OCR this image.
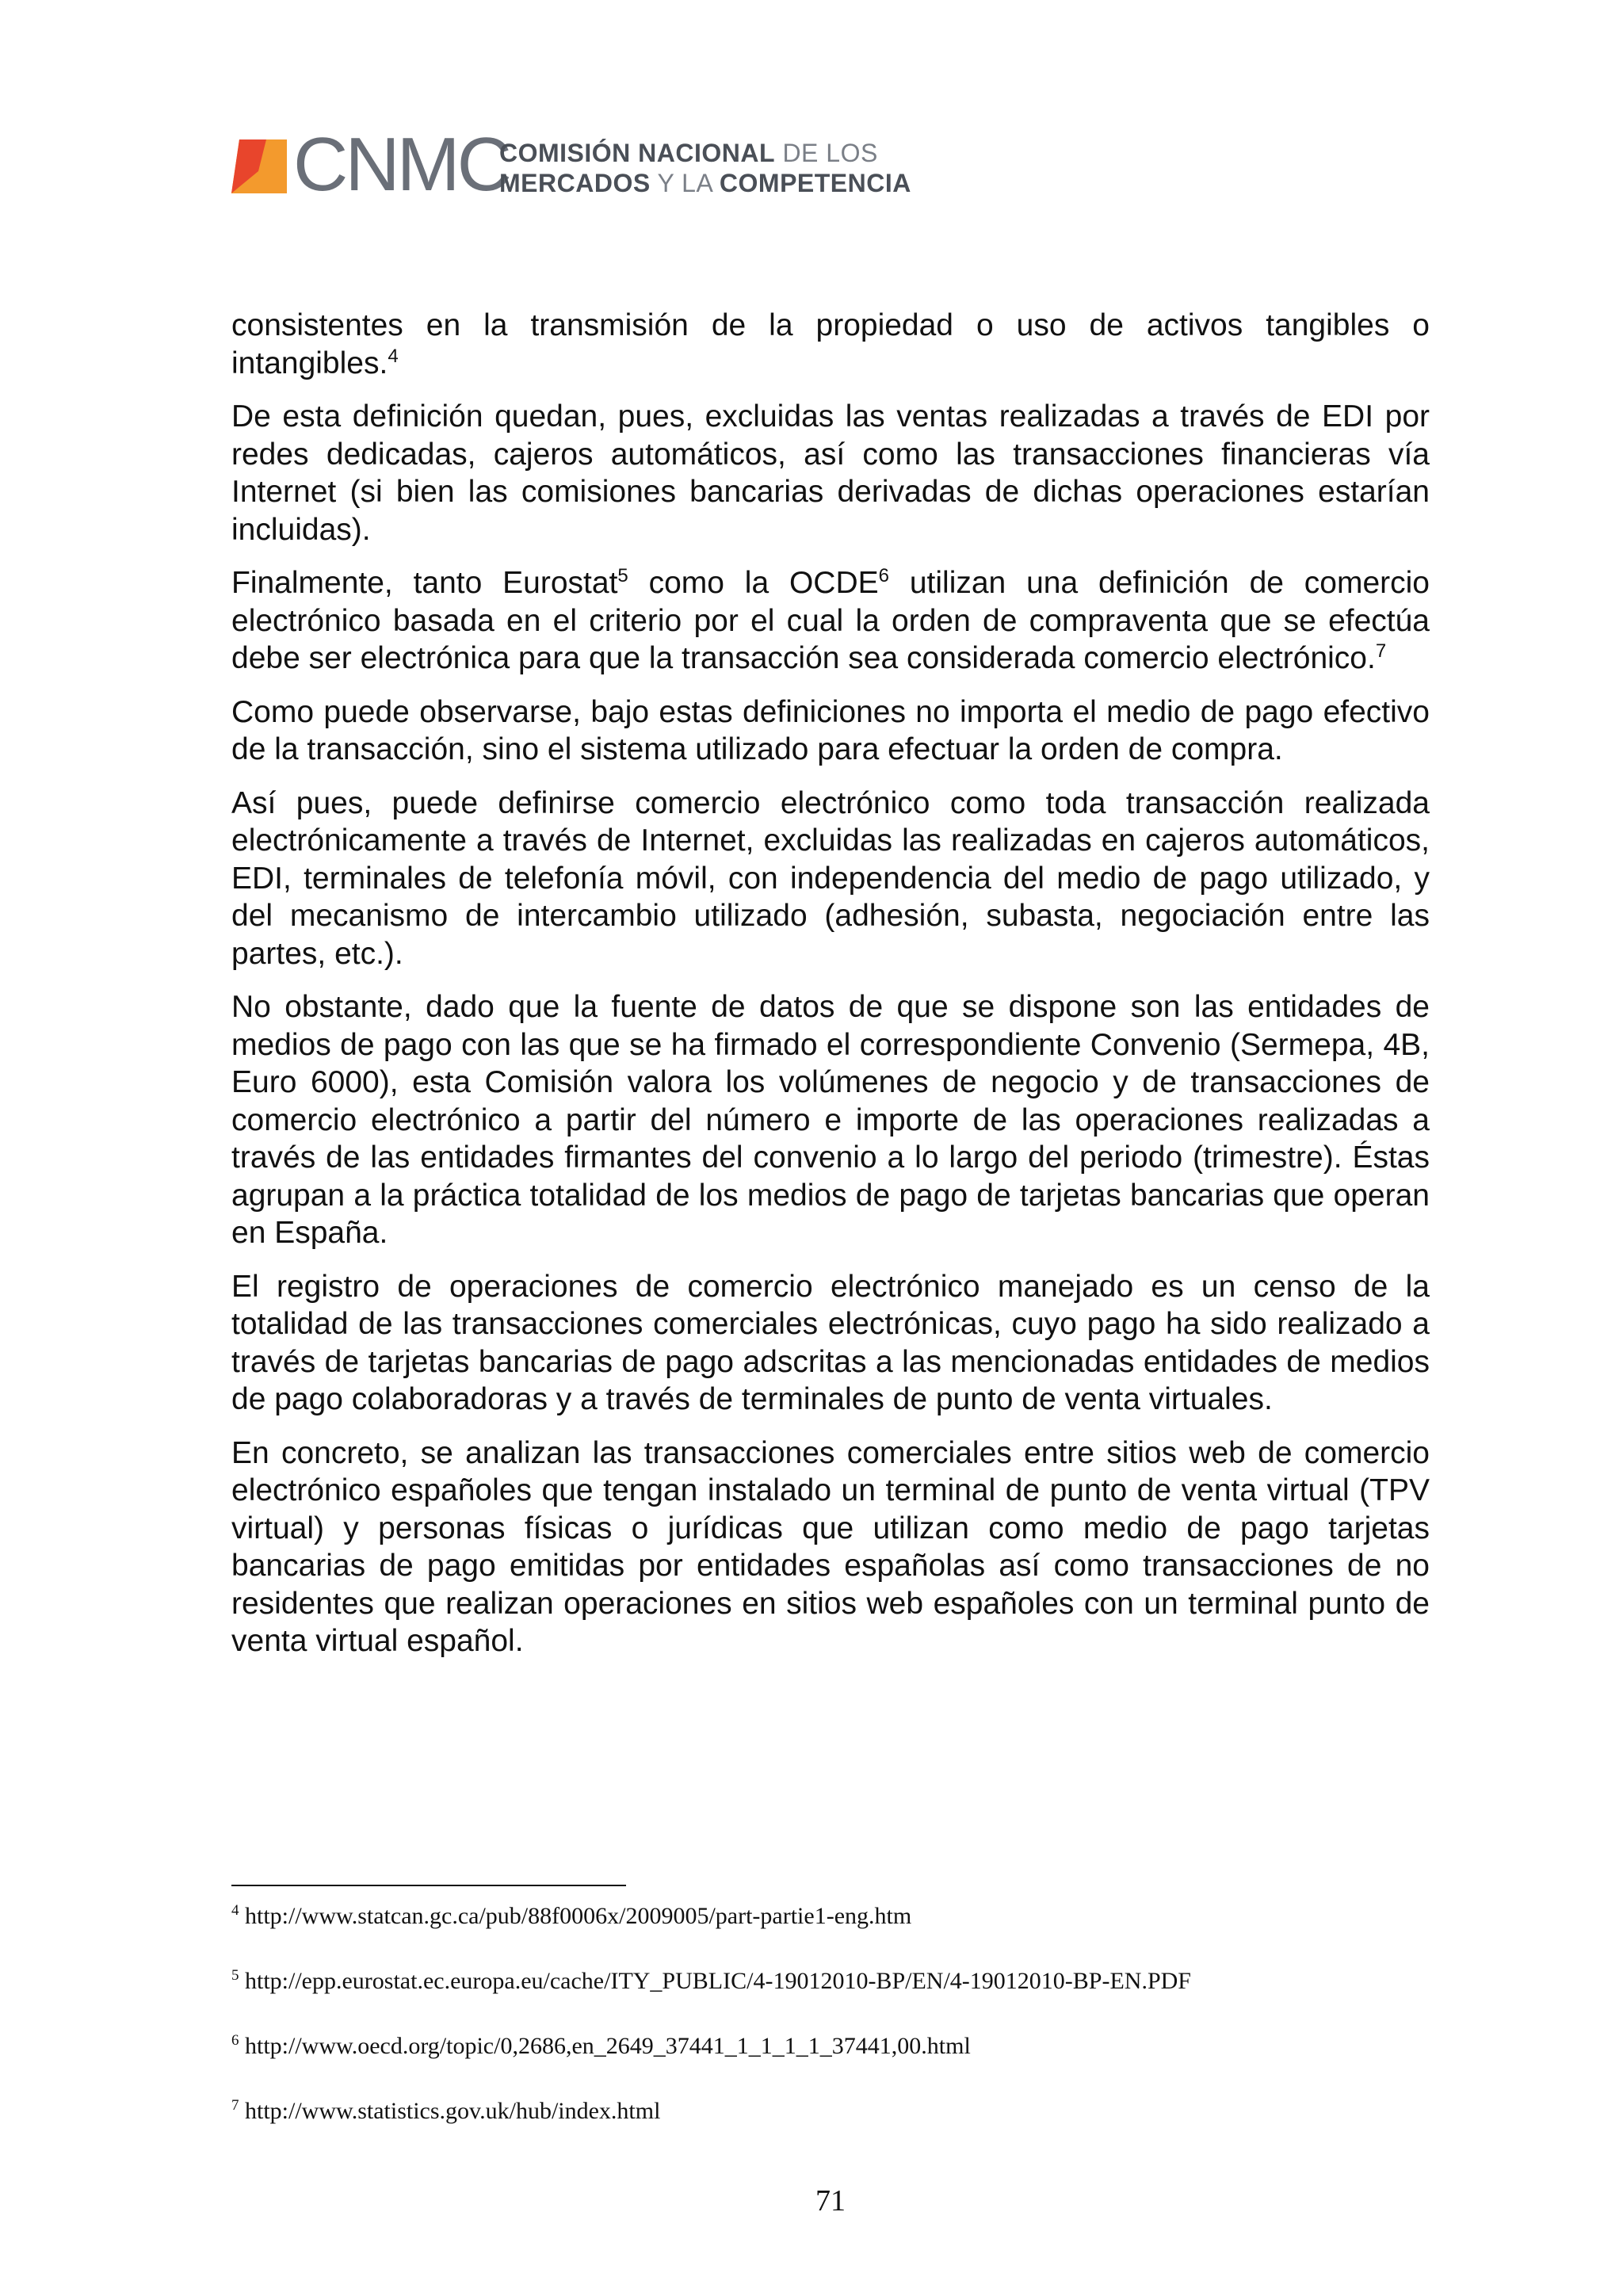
CNMC
COMISIÓN NACIONAL DE LOS
MERCADOS Y LA COMPETENCIA

consistentes en la transmisión de la propiedad o uso de activos tangibles o intangibles.$^4$

De esta definición quedan, pues, excluidas las ventas realizadas a través de EDI por redes dedicadas, cajeros automáticos, así como las transacciones financieras vía Internet (si bien las comisiones bancarias derivadas de dichas operaciones estarían incluidas).

Finalmente, tanto Eurostat$^5$ como la OCDE$^6$ utilizan una definición de comercio electrónico basada en el criterio por el cual la orden de compraventa que se efectúa debe ser electrónica para que la transacción sea considerada comercio electrónico.$^7$

Como puede observarse, bajo estas definiciones no importa el medio de pago efectivo de la transacción, sino el sistema utilizado para efectuar la orden de compra.

Así pues, puede definirse comercio electrónico como toda transacción realizada electrónicamente a través de Internet, excluidas las realizadas en cajeros automáticos, EDI, terminales de telefonía móvil, con independencia del medio de pago utilizado, y del mecanismo de intercambio utilizado (adhesión, subasta, negociación entre las partes, etc.).

No obstante, dado que la fuente de datos de que se dispone son las entidades de medios de pago con las que se ha firmado el correspondiente Convenio (Sermepa, 4B, Euro 6000), esta Comisión valora los volúmenes de negocio y de transacciones de comercio electrónico a partir del número e importe de las operaciones realizadas a través de las entidades firmantes del convenio a lo largo del periodo (trimestre). Éstas agrupan a la práctica totalidad de los medios de pago de tarjetas bancarias que operan en España.

El registro de operaciones de comercio electrónico manejado es un censo de la totalidad de las transacciones comerciales electrónicas, cuyo pago ha sido realizado a través de tarjetas bancarias de pago adscritas a las mencionadas entidades de medios de pago colaboradoras y a través de terminales de punto de venta virtuales.

En concreto, se analizan las transacciones comerciales entre sitios web de comercio electrónico españoles que tengan instalado un terminal de punto de venta virtual (TPV virtual) y personas físicas o jurídicas que utilizan como medio de pago tarjetas bancarias de pago emitidas por entidades españolas así como transacciones de no residentes que realizan operaciones en sitios web españoles con un terminal punto de venta virtual español.

$^4$ http://www.statcan.gc.ca/pub/88f0006x/2009005/part-partie1-eng.htm
$^5$ http://epp.eurostat.ec.europa.eu/cache/ITY_PUBLIC/4-19012010-BP/EN/4-19012010-BP-EN.PDF
$^6$ http://www.oecd.org/topic/0,2686,en_2649_37441_1_1_1_1_37441,00.html
$^7$ http://www.statistics.gov.uk/hub/index.html
71
